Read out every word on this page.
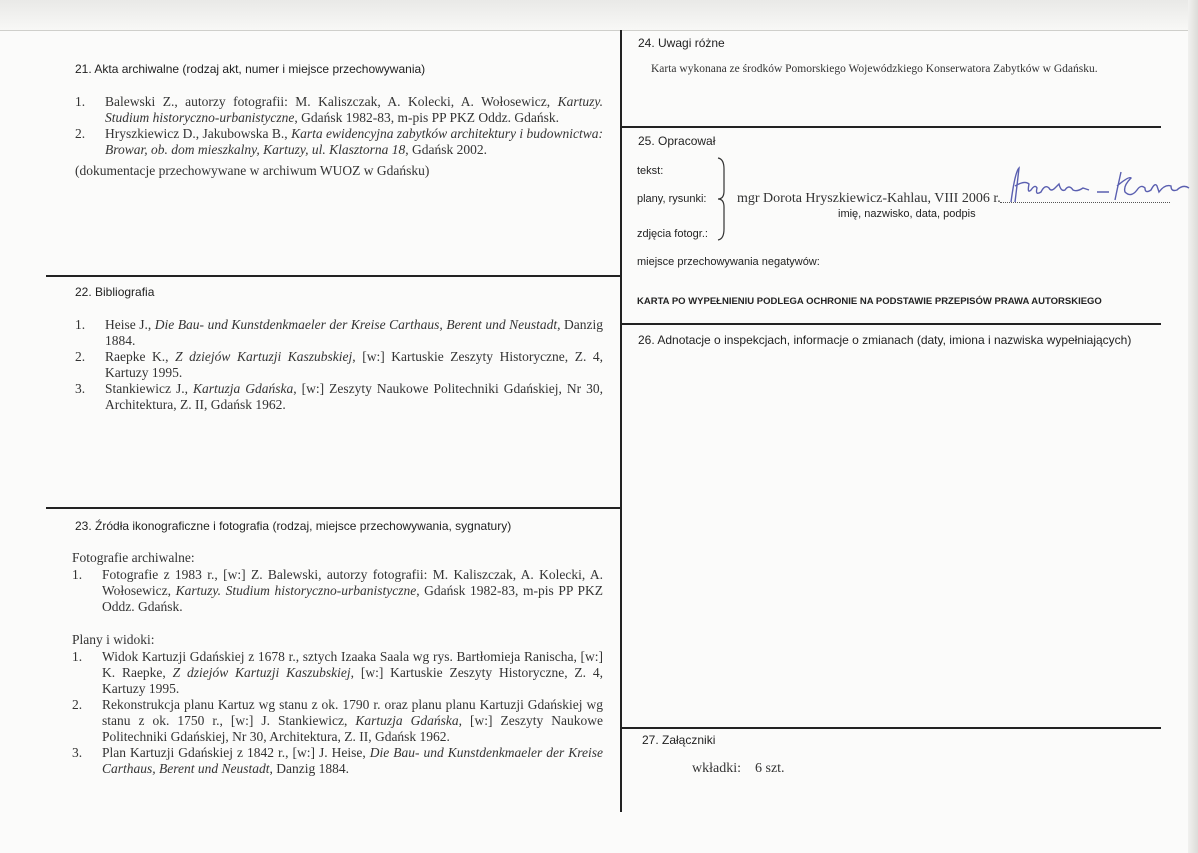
21. Akta archiwalne (rodzaj akt, numer i miejsce przechowywania)
1. Balewski Z., autorzy fotografii: M. Kaliszczak, A. Kolecki, A. Wołosewicz, Kartuzy. Studium historyczno-urbanistyczne, Gdańsk 1982-83, m-pis PP PKZ Oddz. Gdańsk.
2. Hryszkiewicz D., Jakubowska B., Karta ewidencyjna zabytków architektury i budownictwa: Browar, ob. dom mieszkalny, Kartuzy, ul. Klasztorna 18, Gdańsk 2002.
(dokumentacje przechowywane w archiwum WUOZ w Gdańsku)
22. Bibliografia
1. Heise J., Die Bau- und Kunstdenkmaeler der Kreise Carthaus, Berent und Neustadt, Danzig 1884.
2. Raepke K., Z dziejów Kartuzji Kaszubskiej, [w:] Kartuskie Zeszyty Historyczne, Z. 4, Kartuzy 1995.
3. Stankiewicz J., Kartuzja Gdańska, [w:] Zeszyty Naukowe Politechniki Gdańskiej, Nr 30, Architektura, Z. II, Gdańsk 1962.
23. Źródła ikonograficzne i fotografia (rodzaj, miejsce przechowywania, sygnatury)
Fotografie archiwalne:
1. Fotografie z 1983 r., [w:] Z. Balewski, autorzy fotografii: M. Kaliszczak, A. Kolecki, A. Wołosewicz, Kartuzy. Studium historyczno-urbanistyczne, Gdańsk 1982-83, m-pis PP PKZ Oddz. Gdańsk.
Plany i widoki:
1. Widok Kartuzji Gdańskiej z 1678 r., sztych Izaaka Saala wg rys. Bartłomieja Ranischa, [w:] K. Raepke, Z dziejów Kartuzji Kaszubskiej, [w:] Kartuskie Zeszyty Historyczne, Z. 4, Kartuzy 1995.
2. Rekonstrukcja planu Kartuz wg stanu z ok. 1790 r. oraz planu planu Kartuzji Gdańskiej wg stanu z ok. 1750 r., [w:] J. Stankiewicz, Kartuzja Gdańska, [w:] Zeszyty Naukowe Politechniki Gdańskiej, Nr 30, Architektura, Z. II, Gdańsk 1962.
3. Plan Kartuzji Gdańskiej z 1842 r., [w:] J. Heise, Die Bau- und Kunstdenkmaeler der Kreise Carthaus, Berent und Neustadt, Danzig 1884.
24. Uwagi różne
Karta wykonana ze środków Pomorskiego Wojewódzkiego Konserwatora Zabytków w Gdańsku.
25. Opracował
tekst:
plany, rysunki:
zdjęcia fotogr.:
mgr Dorota Hryszkiewicz-Kahlau, VIII 2006 r.
imię, nazwisko, data, podpis
miejsce przechowywania negatywów:
KARTA PO WYPEŁNIENIU PODLEGA OCHRONIE NA PODSTAWIE PRZEPISÓW PRAWA AUTORSKIEGO
26. Adnotacje o inspekcjach, informacje o zmianach (daty, imiona i nazwiska wypełniających)
27. Załączniki
wkładki: 6 szt.
